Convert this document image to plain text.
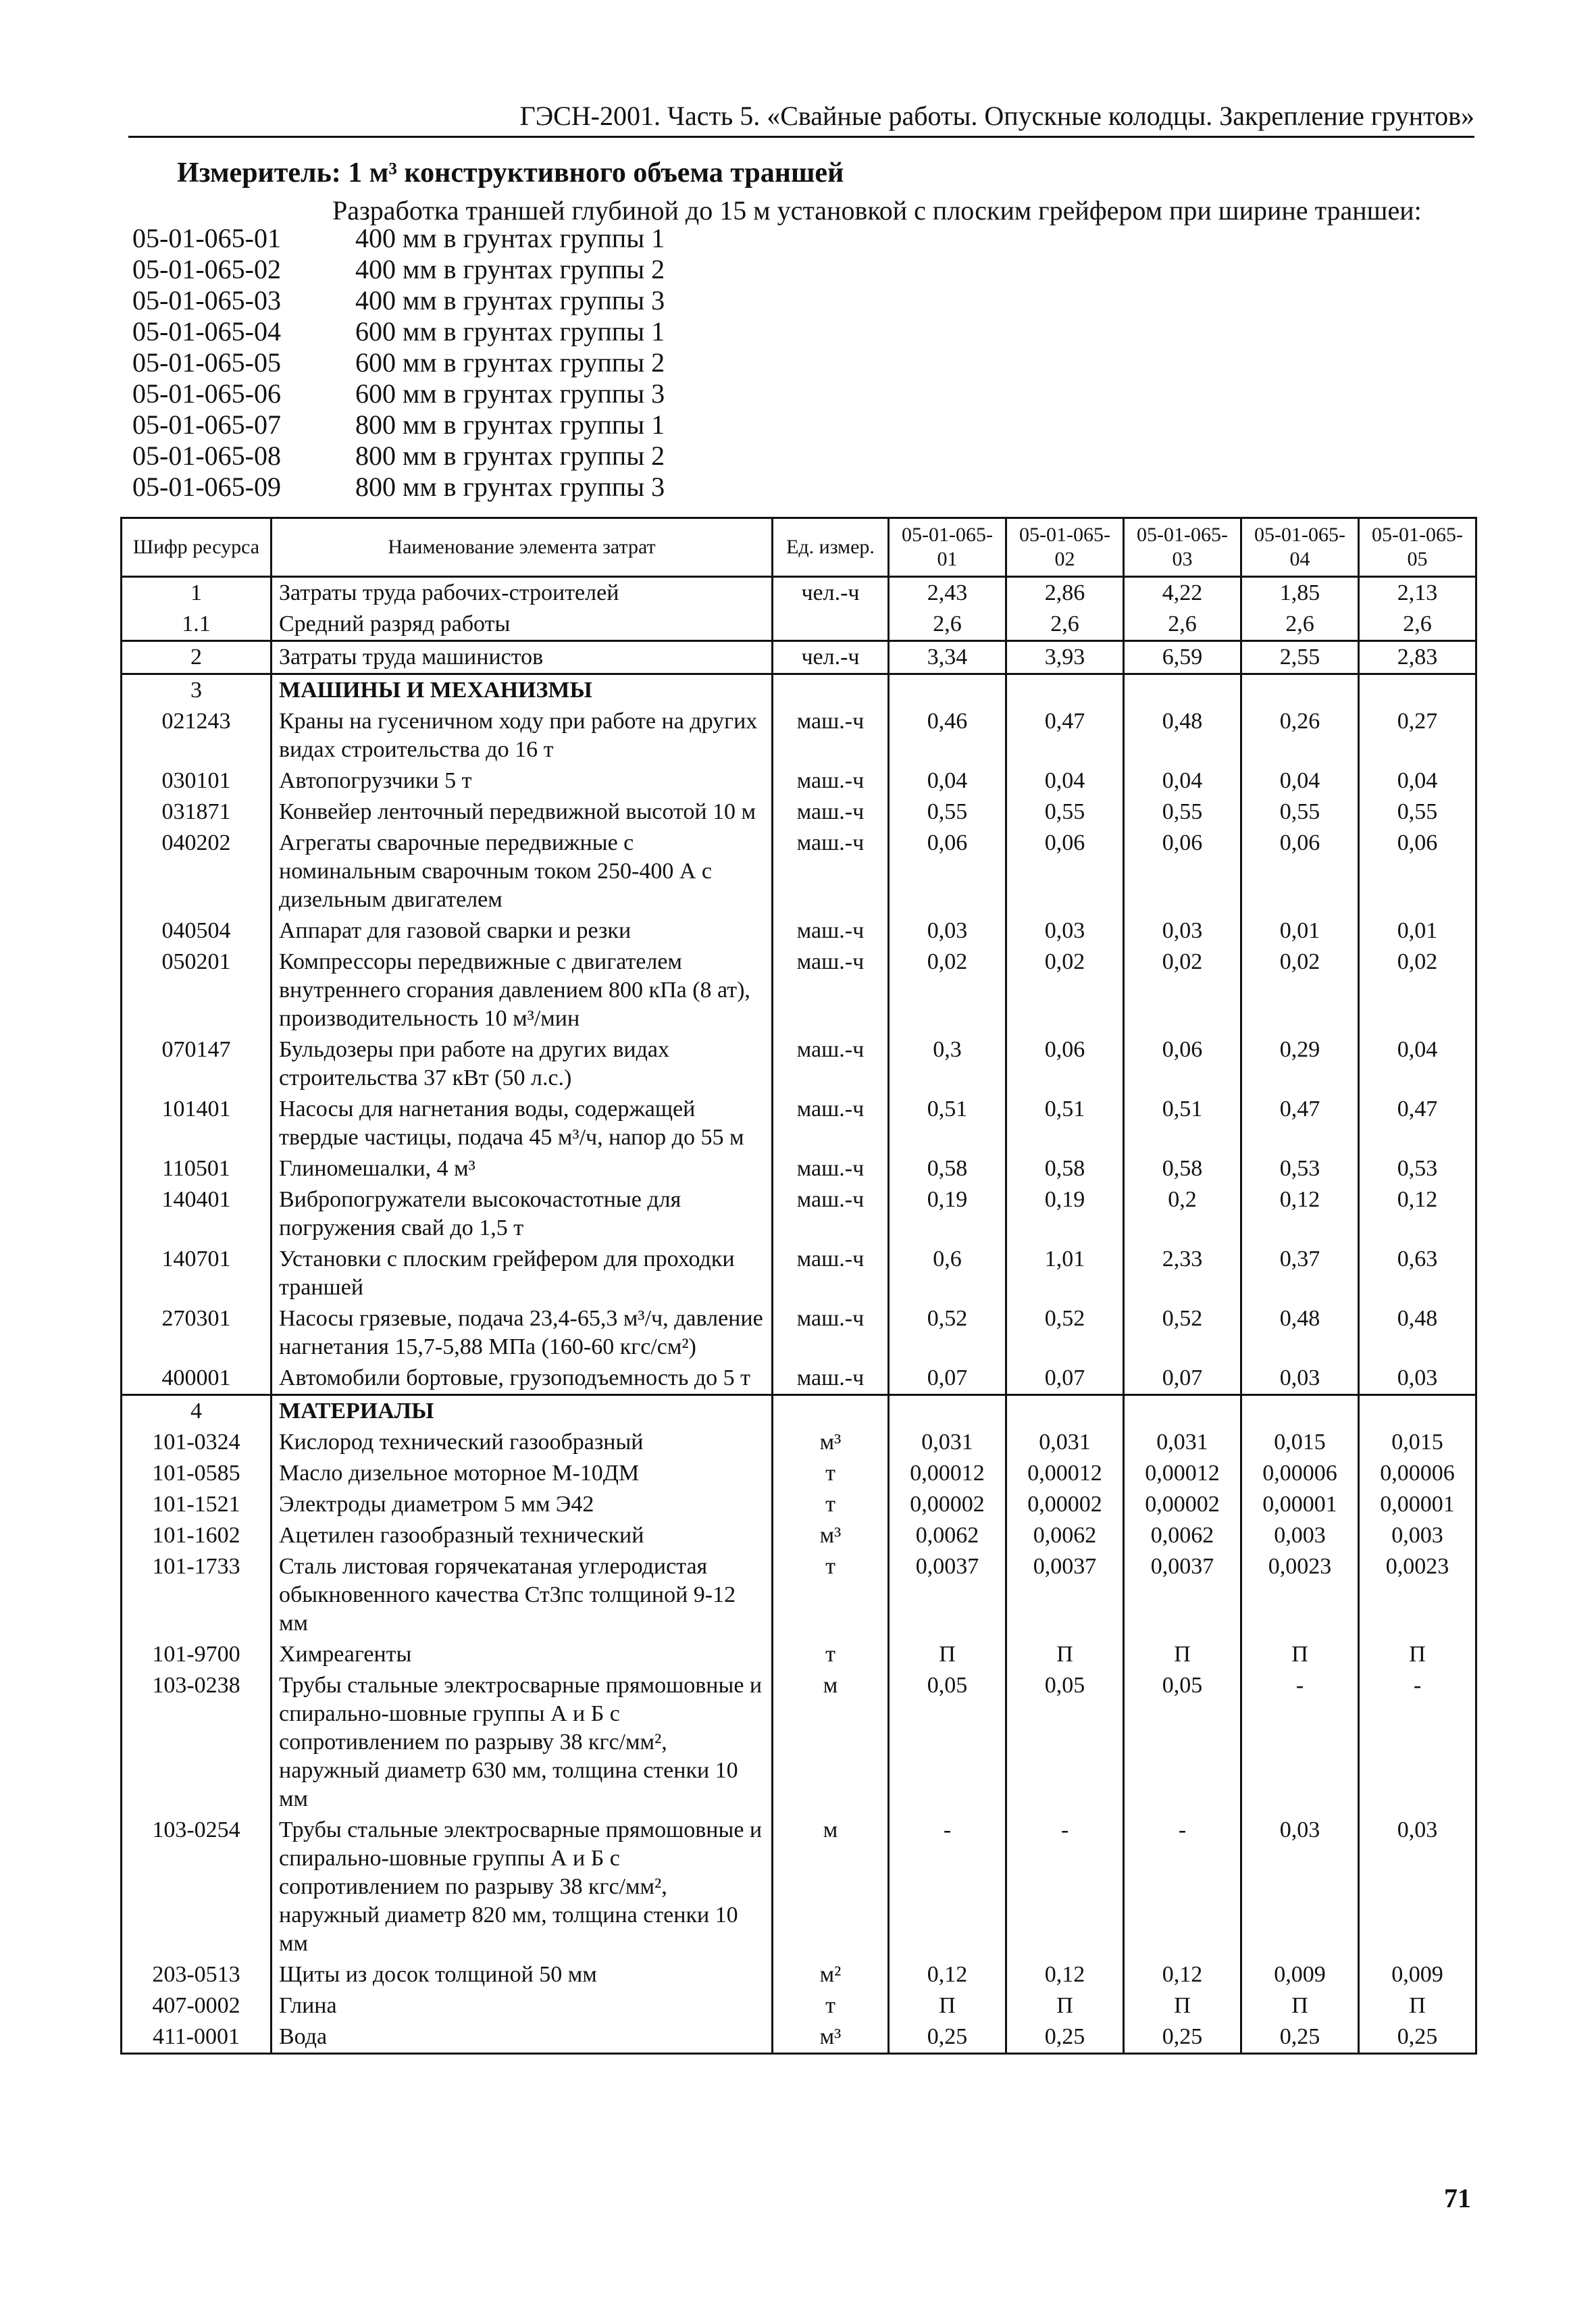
ГЭСН-2001. Часть 5. «Свайные работы. Опускные колодцы. Закрепление грунтов»
Измеритель: 1 м³ конструктивного объема траншей
Разработка траншей глубиной до 15 м установкой с плоским грейфером при ширине траншеи:
05-01-065-01	400 мм в грунтах группы 1
05-01-065-02	400 мм в грунтах группы 2
05-01-065-03	400 мм в грунтах группы 3
05-01-065-04	600 мм в грунтах группы 1
05-01-065-05	600 мм в грунтах группы 2
05-01-065-06	600 мм в грунтах группы 3
05-01-065-07	800 мм в грунтах группы 1
05-01-065-08	800 мм в грунтах группы 2
05-01-065-09	800 мм в грунтах группы 3
Шифр ресурса	Наименование элемента затрат	Ед. измер.	05-01-065-01	05-01-065-02	05-01-065-03	05-01-065-04	05-01-065-05
1	Затраты труда рабочих-строителей	чел.-ч	2,43	2,86	4,22	1,85	2,13
1.1	Средний разряд работы		2,6	2,6	2,6	2,6	2,6
2	Затраты труда машинистов	чел.-ч	3,34	3,93	6,59	2,55	2,83
3	МАШИНЫ И МЕХАНИЗМЫ						
021243	Краны на гусеничном ходу при работе на других видах строительства до 16 т	маш.-ч	0,46	0,47	0,48	0,26	0,27
030101	Автопогрузчики 5 т	маш.-ч	0,04	0,04	0,04	0,04	0,04
031871	Конвейер ленточный передвижной высотой 10 м	маш.-ч	0,55	0,55	0,55	0,55	0,55
040202	Агрегаты сварочные передвижные с номинальным сварочным током 250-400 А с дизельным двигателем	маш.-ч	0,06	0,06	0,06	0,06	0,06
040504	Аппарат для газовой сварки и резки	маш.-ч	0,03	0,03	0,03	0,01	0,01
050201	Компрессоры передвижные с двигателем внутреннего сгорания давлением 800 кПа (8 ат), производительность 10 м³/мин	маш.-ч	0,02	0,02	0,02	0,02	0,02
070147	Бульдозеры при работе на других видах строительства 37 кВт (50 л.с.)	маш.-ч	0,3	0,06	0,06	0,29	0,04
101401	Насосы для нагнетания воды, содержащей твердые частицы, подача 45 м³/ч, напор до 55 м	маш.-ч	0,51	0,51	0,51	0,47	0,47
110501	Глиномешалки, 4 м³	маш.-ч	0,58	0,58	0,58	0,53	0,53
140401	Вибропогружатели высокочастотные для погружения свай до 1,5 т	маш.-ч	0,19	0,19	0,2	0,12	0,12
140701	Установки с плоским грейфером для проходки траншей	маш.-ч	0,6	1,01	2,33	0,37	0,63
270301	Насосы грязевые, подача 23,4-65,3 м³/ч, давление нагнетания 15,7-5,88 МПа (160-60 кгс/см²)	маш.-ч	0,52	0,52	0,52	0,48	0,48
400001	Автомобили бортовые, грузоподъемность до 5 т	маш.-ч	0,07	0,07	0,07	0,03	0,03
4	МАТЕРИАЛЫ						
101-0324	Кислород технический газообразный	м³	0,031	0,031	0,031	0,015	0,015
101-0585	Масло дизельное моторное М-10ДМ	т	0,00012	0,00012	0,00012	0,00006	0,00006
101-1521	Электроды диаметром 5 мм Э42	т	0,00002	0,00002	0,00002	0,00001	0,00001
101-1602	Ацетилен газообразный технический	м³	0,0062	0,0062	0,0062	0,003	0,003
101-1733	Сталь листовая горячекатаная углеродистая обыкновенного качества Ст3пс толщиной 9-12 мм	т	0,0037	0,0037	0,0037	0,0023	0,0023
101-9700	Химреагенты	т	П	П	П	П	П
103-0238	Трубы стальные электросварные прямошовные и спирально-шовные группы А и Б с сопротивлением по разрыву 38 кгс/мм², наружный диаметр 630 мм, толщина стенки 10 мм	м	0,05	0,05	0,05	-	-
103-0254	Трубы стальные электросварные прямошовные и спирально-шовные группы А и Б с сопротивлением по разрыву 38 кгс/мм², наружный диаметр 820 мм, толщина стенки 10 мм	м	-	-	-	0,03	0,03
203-0513	Щиты из досок толщиной 50 мм	м²	0,12	0,12	0,12	0,009	0,009
407-0002	Глина	т	П	П	П	П	П
411-0001	Вода	м³	0,25	0,25	0,25	0,25	0,25
71
